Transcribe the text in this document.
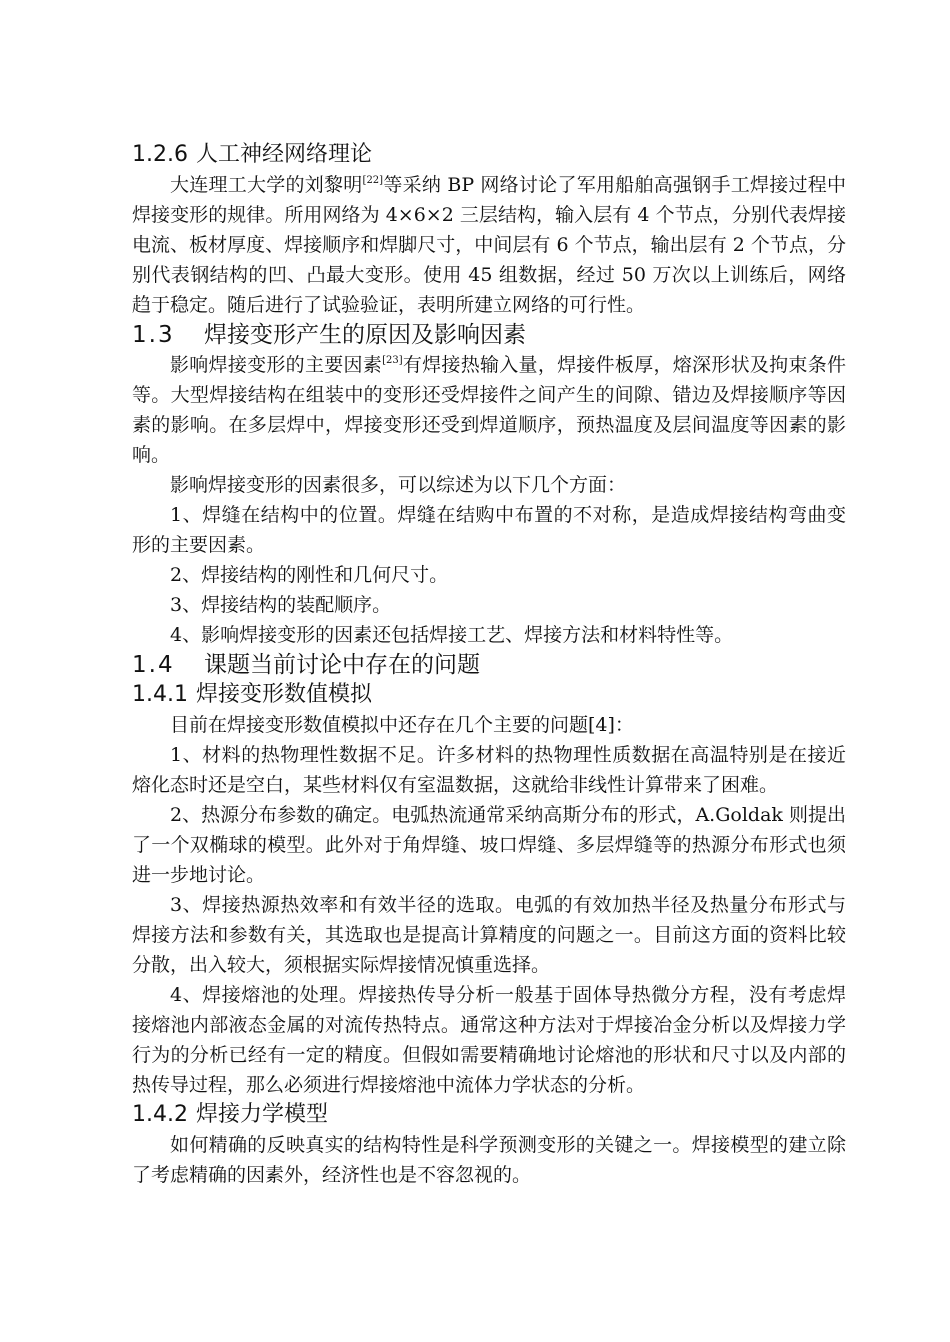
1.2.6 人工神经网络理论

大连理工大学的刘黎明[22]等采纳 BP 网络讨论了军用船舶高强钢手工焊接过程中焊接变形的规律。所用网络为 4×6×2 三层结构，输入层有 4 个节点，分别代表焊接电流、板材厚度、焊接顺序和焊脚尺寸，中间层有 6 个节点，输出层有 2 个节点，分别代表钢结构的凹、凸最大变形。使用 45 组数据，经过 50 万次以上训练后，网络趋于稳定。随后进行了试验验证，表明所建立网络的可行性。

1.3 焊接变形产生的原因及影响因素

影响焊接变形的主要因素[23]有焊接热输入量，焊接件板厚，熔深形状及拘束条件等。大型焊接结构在组装中的变形还受焊接件之间产生的间隙、错边及焊接顺序等因素的影响。在多层焊中，焊接变形还受到焊道顺序，预热温度及层间温度等因素的影响。

影响焊接变形的因素很多，可以综述为以下几个方面：

1、焊缝在结构中的位置。焊缝在结购中布置的不对称，是造成焊接结构弯曲变形的主要因素。

2、焊接结构的刚性和几何尺寸。

3、焊接结构的装配顺序。

4、影响焊接变形的因素还包括焊接工艺、焊接方法和材料特性等。

1.4 课题当前讨论中存在的问题
1.4.1 焊接变形数值模拟

目前在焊接变形数值模拟中还存在几个主要的问题[4]：

1、材料的热物理性数据不足。许多材料的热物理性质数据在高温特别是在接近熔化态时还是空白，某些材料仅有室温数据，这就给非线性计算带来了困难。

2、热源分布参数的确定。电弧热流通常采纳高斯分布的形式，A.Goldak 则提出了一个双椭球的模型。此外对于角焊缝、坡口焊缝、多层焊缝等的热源分布形式也须进一步地讨论。

3、焊接热源热效率和有效半径的选取。电弧的有效加热半径及热量分布形式与焊接方法和参数有关，其选取也是提高计算精度的问题之一。目前这方面的资料比较分散，出入较大，须根据实际焊接情况慎重选择。

4、焊接熔池的处理。焊接热传导分析一般基于固体导热微分方程，没有考虑焊接熔池内部液态金属的对流传热特点。通常这种方法对于焊接冶金分析以及焊接力学行为的分析已经有一定的精度。但假如需要精确地讨论熔池的形状和尺寸以及内部的热传导过程，那么必须进行焊接熔池中流体力学状态的分析。

1.4.2 焊接力学模型

如何精确的反映真实的结构特性是科学预测变形的关键之一。焊接模型的建立除了考虑精确的因素外，经济性也是不容忽视的。
